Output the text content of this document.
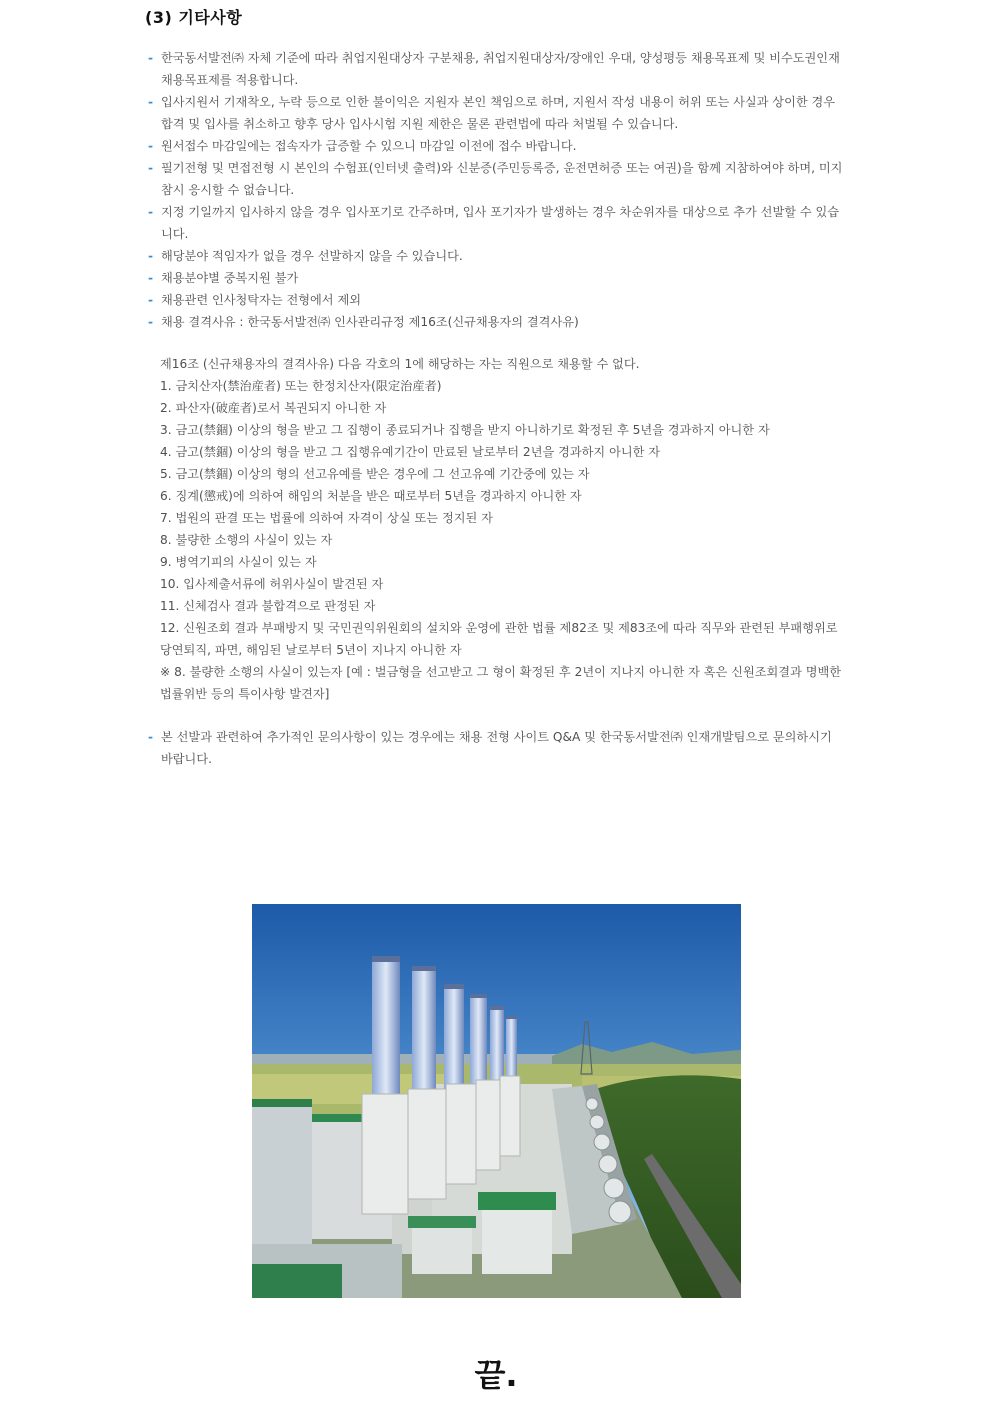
(3) 기타사항
- 한국동서발전㈜ 자체 기준에 따라 취업지원대상자 구분채용, 취업지원대상자/장애인 우대, 양성평등 채용목표제 및 비수도권인재 채용목표제를 적용합니다.
- 입사지원서 기재착오, 누락 등으로 인한 불이익은 지원자 본인 책임으로 하며, 지원서 작성 내용이 허위 또는 사실과 상이한 경우 합격 및 입사를 취소하고 향후 당사 입사시험 지원 제한은 물론 관련법에 따라 처벌될 수 있습니다.
- 원서접수 마감일에는 접속자가 급증할 수 있으니 마감일 이전에 접수 바랍니다.
- 필기전형 및 면접전형 시 본인의 수험표(인터넷 출력)와 신분증(주민등록증, 운전면허증 또는 여권)을 함께 지참하여야 하며, 미지참시 응시할 수 없습니다.
- 지정 기일까지 입사하지 않을 경우 입사포기로 간주하며, 입사 포기자가 발생하는 경우 차순위자를 대상으로 추가 선발할 수 있습니다.
- 해당분야 적임자가 없을 경우 선발하지 않을 수 있습니다.
- 채용분야별 중복지원 불가
- 채용관련 인사청탁자는 전형에서 제외
- 채용 결격사유 : 한국동서발전㈜ 인사관리규정 제16조(신규채용자의 결격사유)
제16조 (신규채용자의 결격사유) 다음 각호의 1에 해당하는 자는 직원으로 채용할 수 없다.
1. 금치산자(禁治産者) 또는 한정치산자(限定治産者)
2. 파산자(破産者)로서 복권되지 아니한 자
3. 금고(禁錮) 이상의 형을 받고 그 집행이 종료되거나 집행을 받지 아니하기로 확정된 후 5년을 경과하지 아니한 자
4. 금고(禁錮) 이상의 형을 받고 그 집행유예기간이 만료된 날로부터 2년을 경과하지 아니한 자
5. 금고(禁錮) 이상의 형의 선고유예를 받은 경우에 그 선고유예 기간중에 있는 자
6. 징계(懲戒)에 의하여 해임의 처분을 받은 때로부터 5년을 경과하지 아니한 자
7. 법원의 판결 또는 법률에 의하여 자격이 상실 또는 정지된 자
8. 불량한 소행의 사실이 있는 자
9. 병역기피의 사실이 있는 자
10. 입사제출서류에 허위사실이 발견된 자
11. 신체검사 결과 불합격으로 판정된 자
12. 신원조회 결과 부패방지 및 국민권익위원회의 설치와 운영에 관한 법률 제82조 및 제83조에 따라 직무와 관련된 부패행위로 당연퇴직, 파면, 해임된 날로부터 5년이 지나지 아니한 자
※ 8. 불량한 소행의 사실이 있는자 [예 : 벌금형을 선고받고 그 형이 확정된 후 2년이 지나지 아니한 자 혹은 신원조회결과 명백한 법률위반 등의 특이사항 발견자]
- 본 선발과 관련하여 추가적인 문의사항이 있는 경우에는 채용 전형 사이트 Q&A 및 한국동서발전㈜ 인재개발팀으로 문의하시기 바랍니다.
끝.
